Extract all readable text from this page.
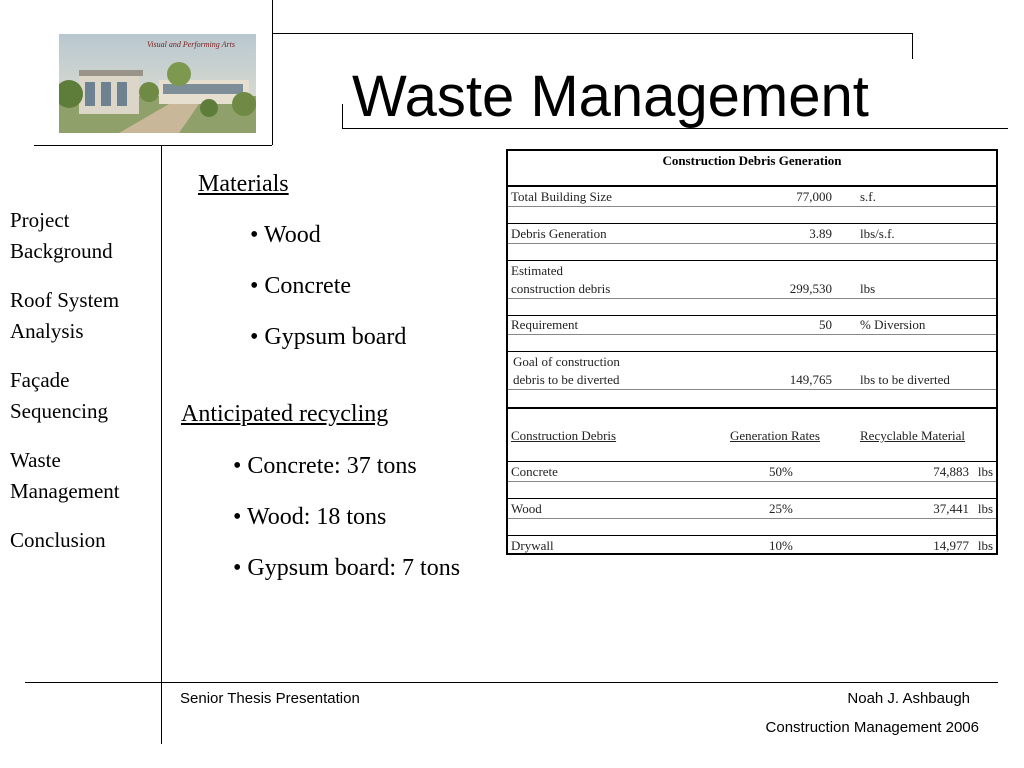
Visual and Performing Arts
Waste Management
Project
Background
Roof System
Analysis
Façade
Sequencing
Waste
Management
Conclusion
Materials
• Wood
• Concrete
• Gypsum board
Anticipated recycling
• Concrete: 37 tons
• Wood: 18 tons
• Gypsum board: 7 tons
Construction Debris Generation
Total Building Size	77,000 s.f.
Debris Generation	3.89 lbs/s.f.
Estimated
construction debris	299,530 lbs
Requirement	50 % Diversion
Goal of construction
debris to be diverted	149,765 lbs to be diverted
Construction Debris	Generation Rates	Recyclable Material
Concrete	50%	74,883 lbs
Wood	25%	37,441 lbs
Drywall	10%	14,977 lbs
Senior Thesis Presentation	Noah J. Ashbaugh
Construction Management 2006
